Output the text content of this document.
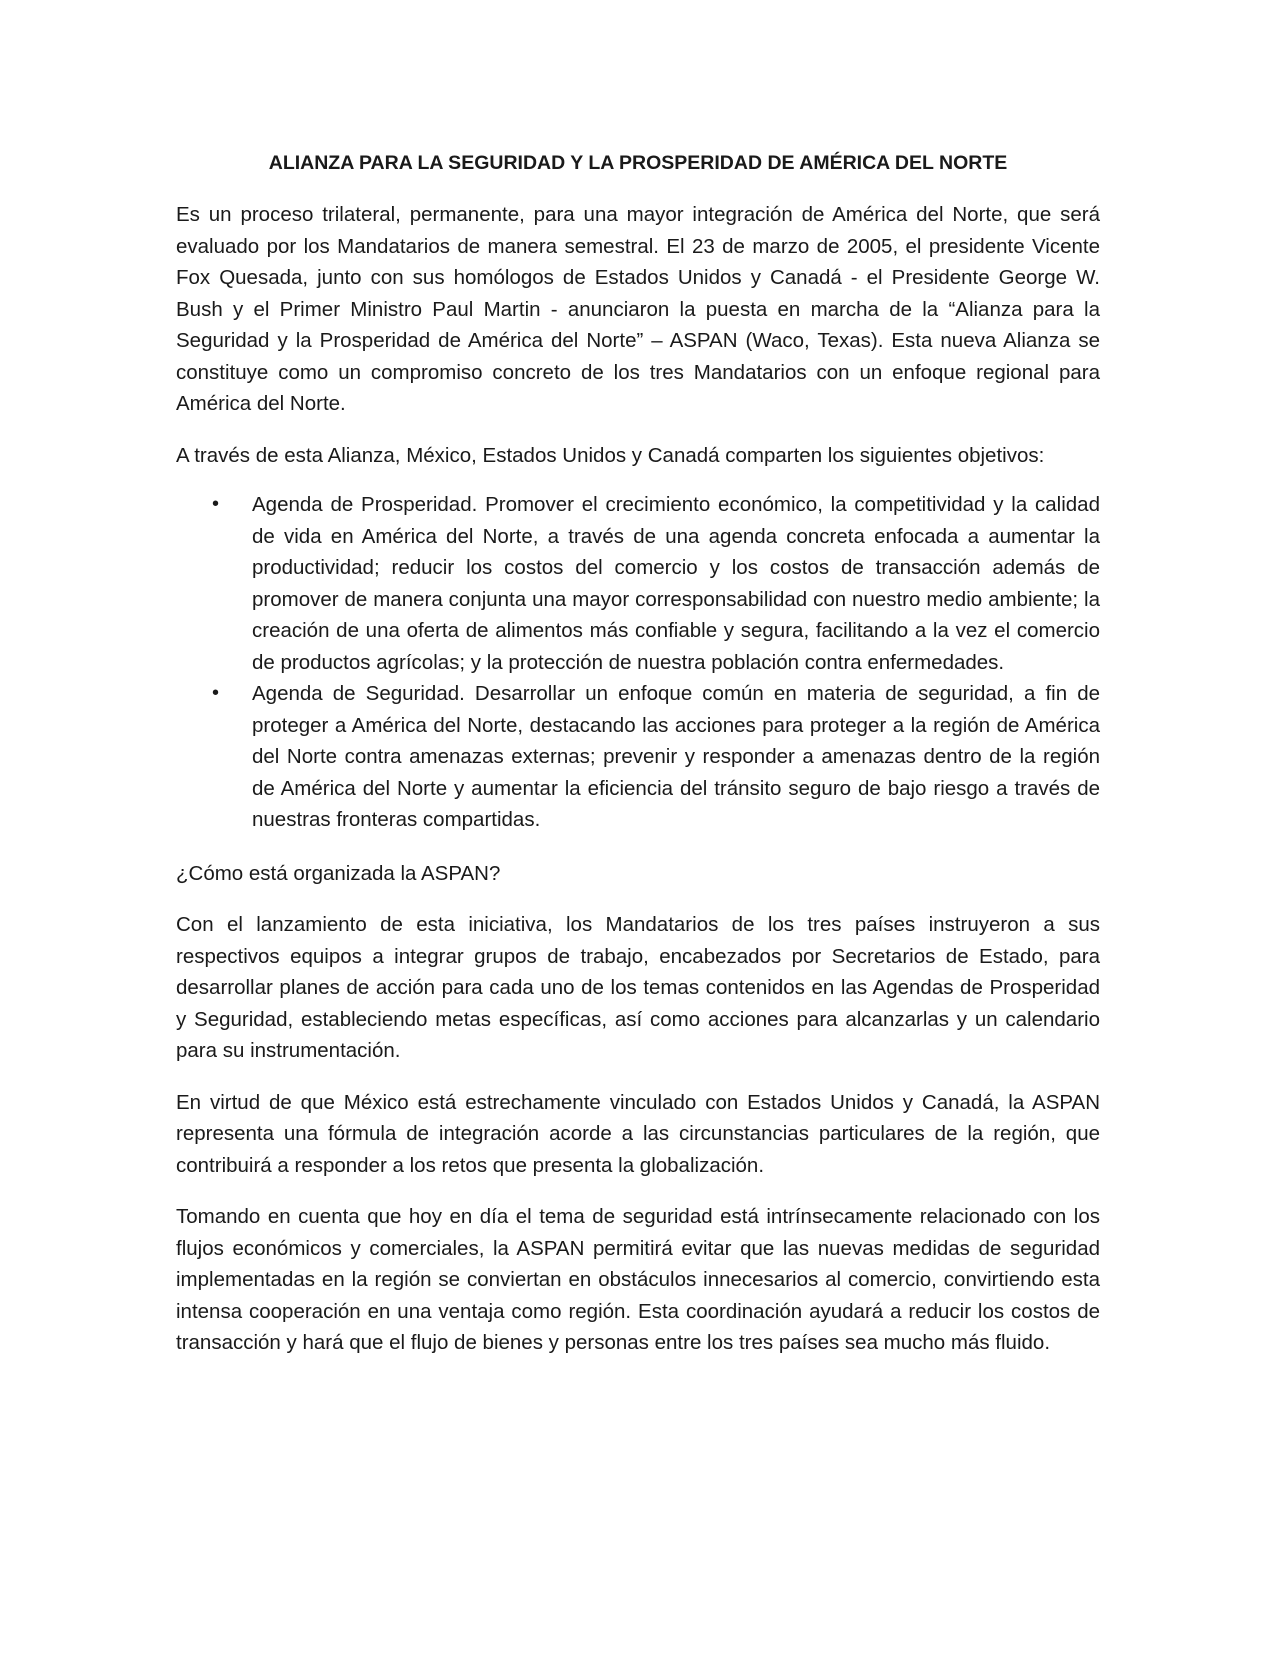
ALIANZA PARA LA SEGURIDAD Y LA PROSPERIDAD DE AMÉRICA DEL NORTE

Es un proceso trilateral, permanente, para una mayor integración de América del Norte, que será evaluado por los Mandatarios de manera semestral. El 23 de marzo de 2005, el presidente Vicente Fox Quesada, junto con sus homólogos de Estados Unidos y Canadá - el Presidente George W. Bush y el Primer Ministro Paul Martin - anunciaron la puesta en marcha de la “Alianza para la Seguridad y la Prosperidad de América del Norte” – ASPAN (Waco, Texas). Esta nueva Alianza se constituye como un compromiso concreto de los tres Mandatarios con un enfoque regional para América del Norte.

A través de esta Alianza, México, Estados Unidos y Canadá comparten los siguientes objetivos:

• Agenda de Prosperidad. Promover el crecimiento económico, la competitividad y la calidad de vida en América del Norte, a través de una agenda concreta enfocada a aumentar la productividad; reducir los costos del comercio y los costos de transacción además de promover de manera conjunta una mayor corresponsabilidad con nuestro medio ambiente; la creación de una oferta de alimentos más confiable y segura, facilitando a la vez el comercio de productos agrícolas; y la protección de nuestra población contra enfermedades.
• Agenda de Seguridad. Desarrollar un enfoque común en materia de seguridad, a fin de proteger a América del Norte, destacando las acciones para proteger a la región de América del Norte contra amenazas externas; prevenir y responder a amenazas dentro de la región de América del Norte y aumentar la eficiencia del tránsito seguro de bajo riesgo a través de nuestras fronteras compartidas.

¿Cómo está organizada la ASPAN?

Con el lanzamiento de esta iniciativa, los Mandatarios de los tres países instruyeron a sus respectivos equipos a integrar grupos de trabajo, encabezados por Secretarios de Estado, para desarrollar planes de acción para cada uno de los temas contenidos en las Agendas de Prosperidad y Seguridad, estableciendo metas específicas, así como acciones para alcanzarlas y un calendario para su instrumentación.

En virtud de que México está estrechamente vinculado con Estados Unidos y Canadá, la ASPAN representa una fórmula de integración acorde a las circunstancias particulares de la región, que contribuirá a responder a los retos que presenta la globalización.

Tomando en cuenta que hoy en día el tema de seguridad está intrínsecamente relacionado con los flujos económicos y comerciales, la ASPAN permitirá evitar que las nuevas medidas de seguridad implementadas en la región se conviertan en obstáculos innecesarios al comercio, convirtiendo esta intensa cooperación en una ventaja como región. Esta coordinación ayudará a reducir los costos de transacción y hará que el flujo de bienes y personas entre los tres países sea mucho más fluido.
